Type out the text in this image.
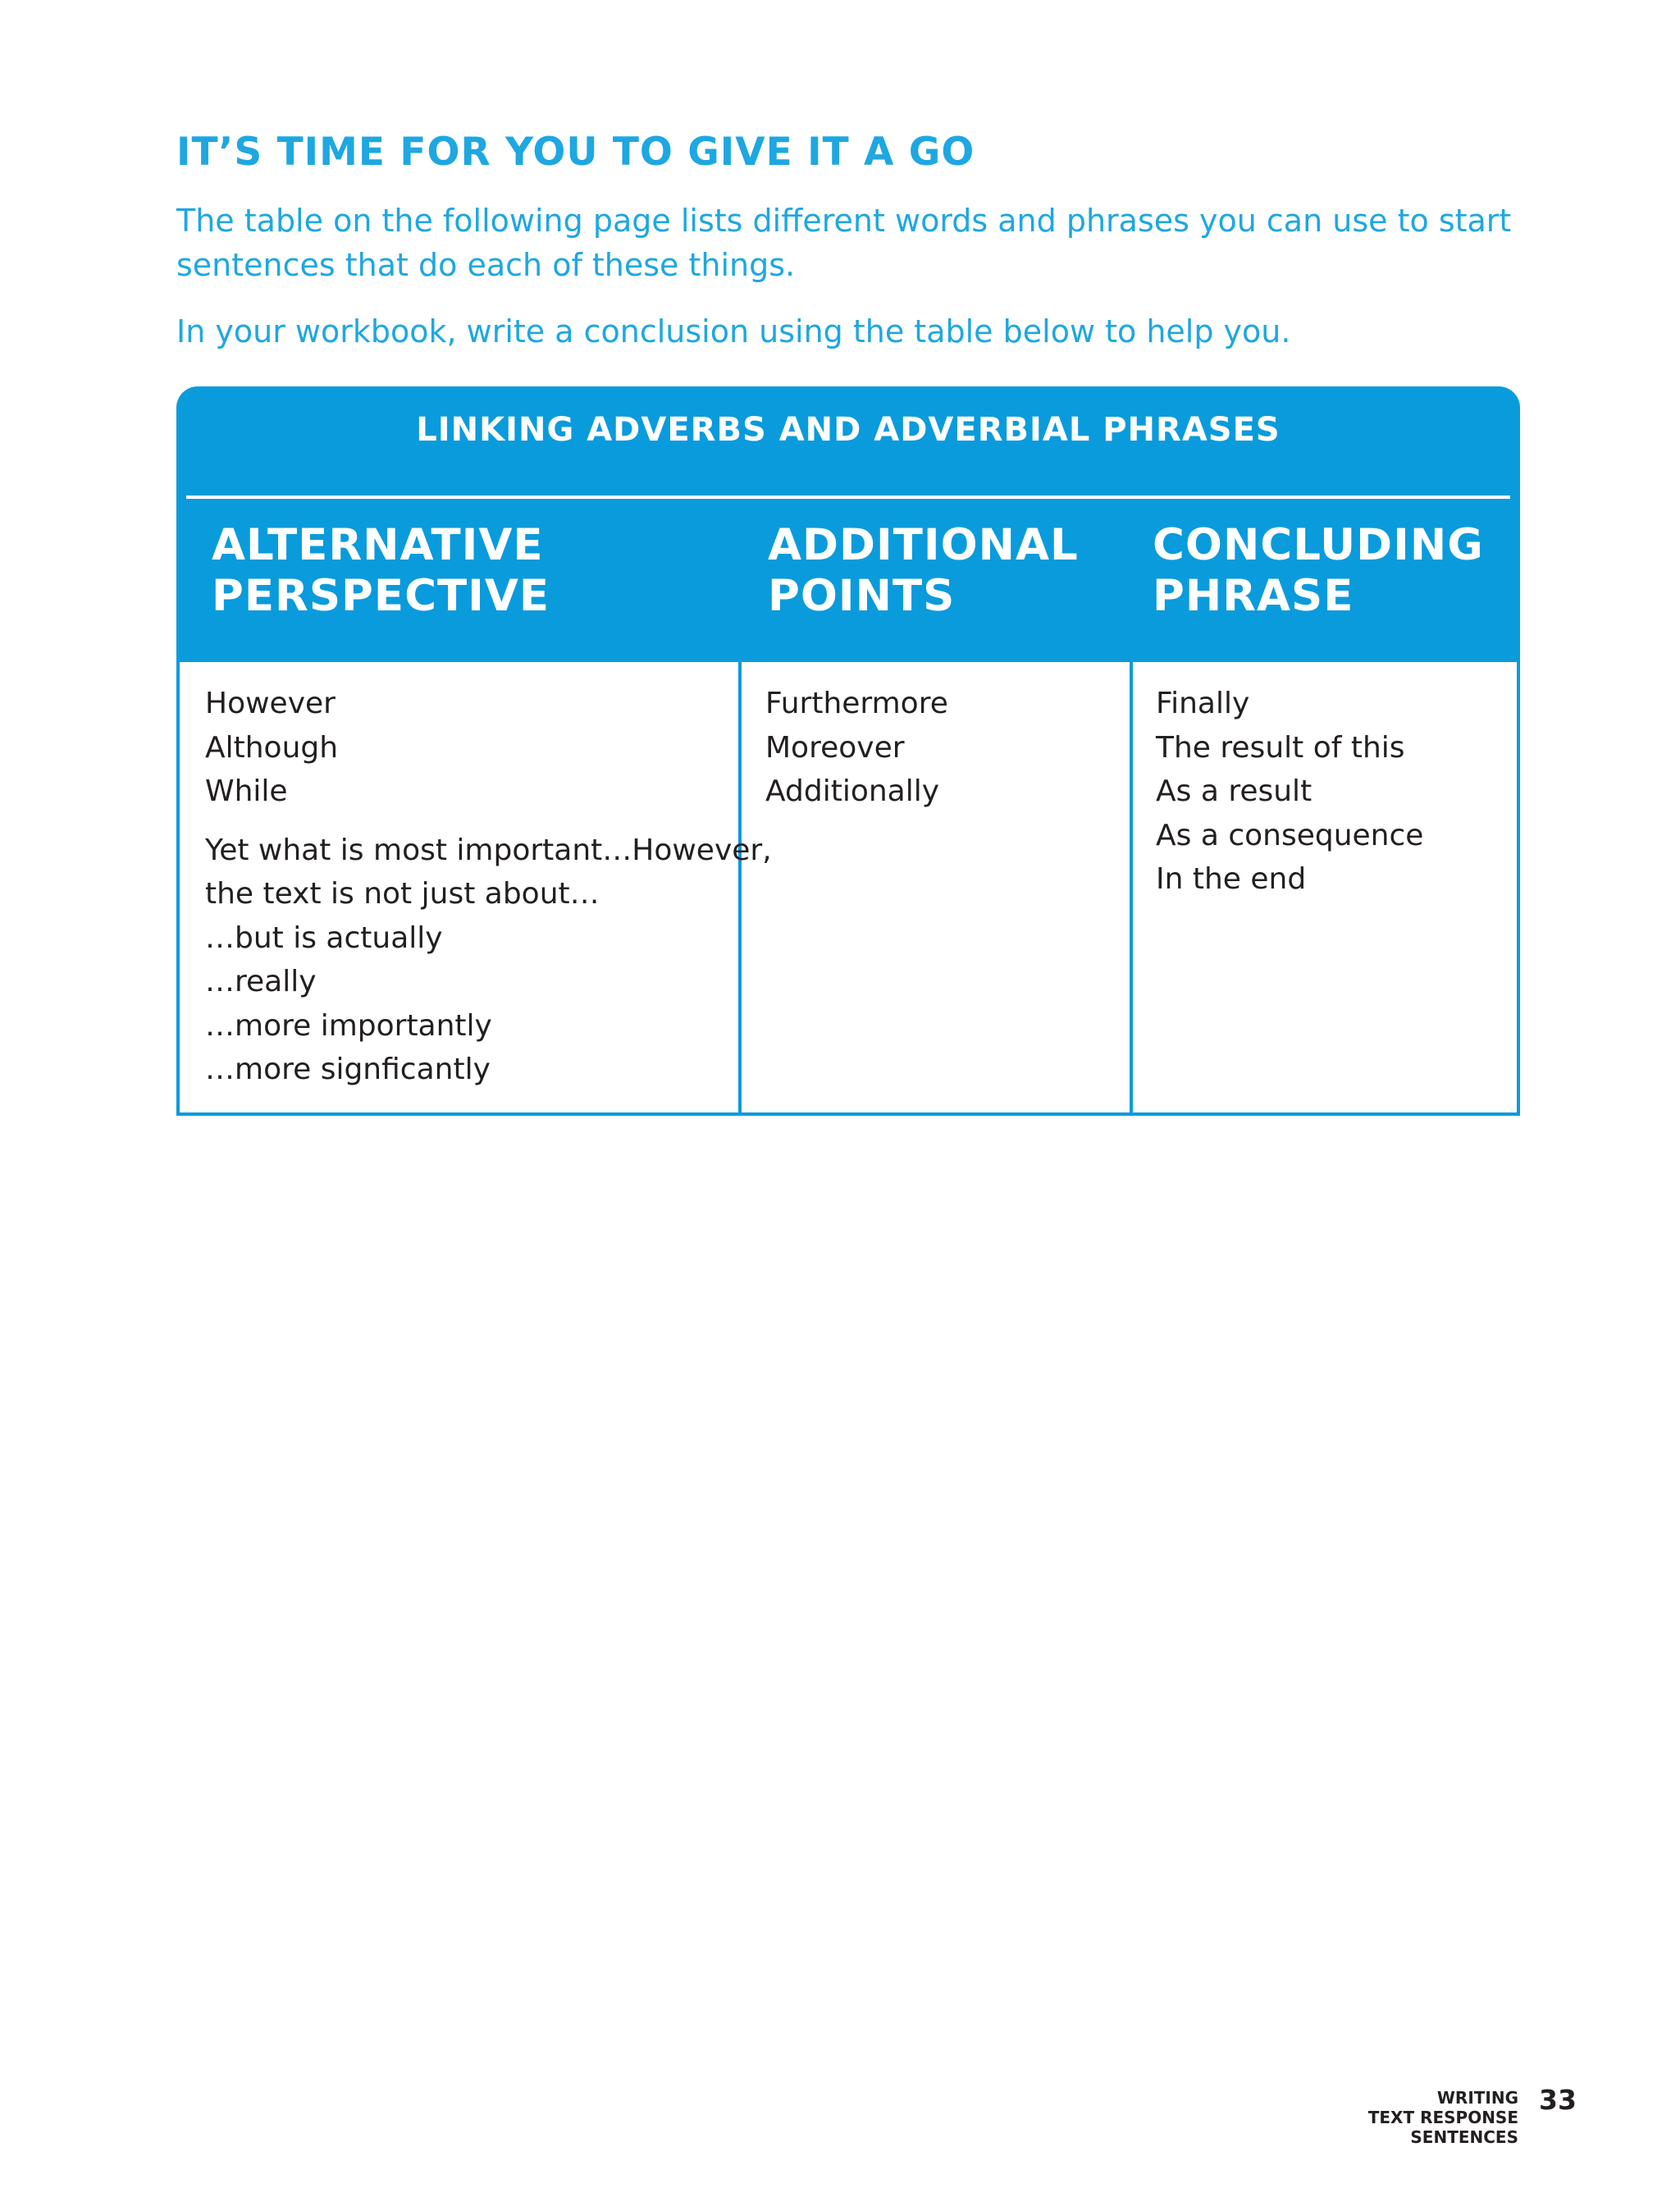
IT’S TIME FOR YOU TO GIVE IT A GO

The table on the following page lists different words and phrases you can use to start sentences that do each of these things.

In your workbook, write a conclusion using the table below to help you.

LINKING ADVERBS AND ADVERBIAL PHRASES
ALTERNATIVE
PERSPECTIVE
ADDITIONAL
POINTS
CONCLUDING
PHRASE
However
Although
While
Yet what is most important…However,
the text is not just about…
…but is actually
…really
…more importantly
…more signficantly
Furthermore
Moreover
Additionally
Finally
The result of this
As a result
As a consequence
In the end
WRITING
TEXT RESPONSE
SENTENCES
33
